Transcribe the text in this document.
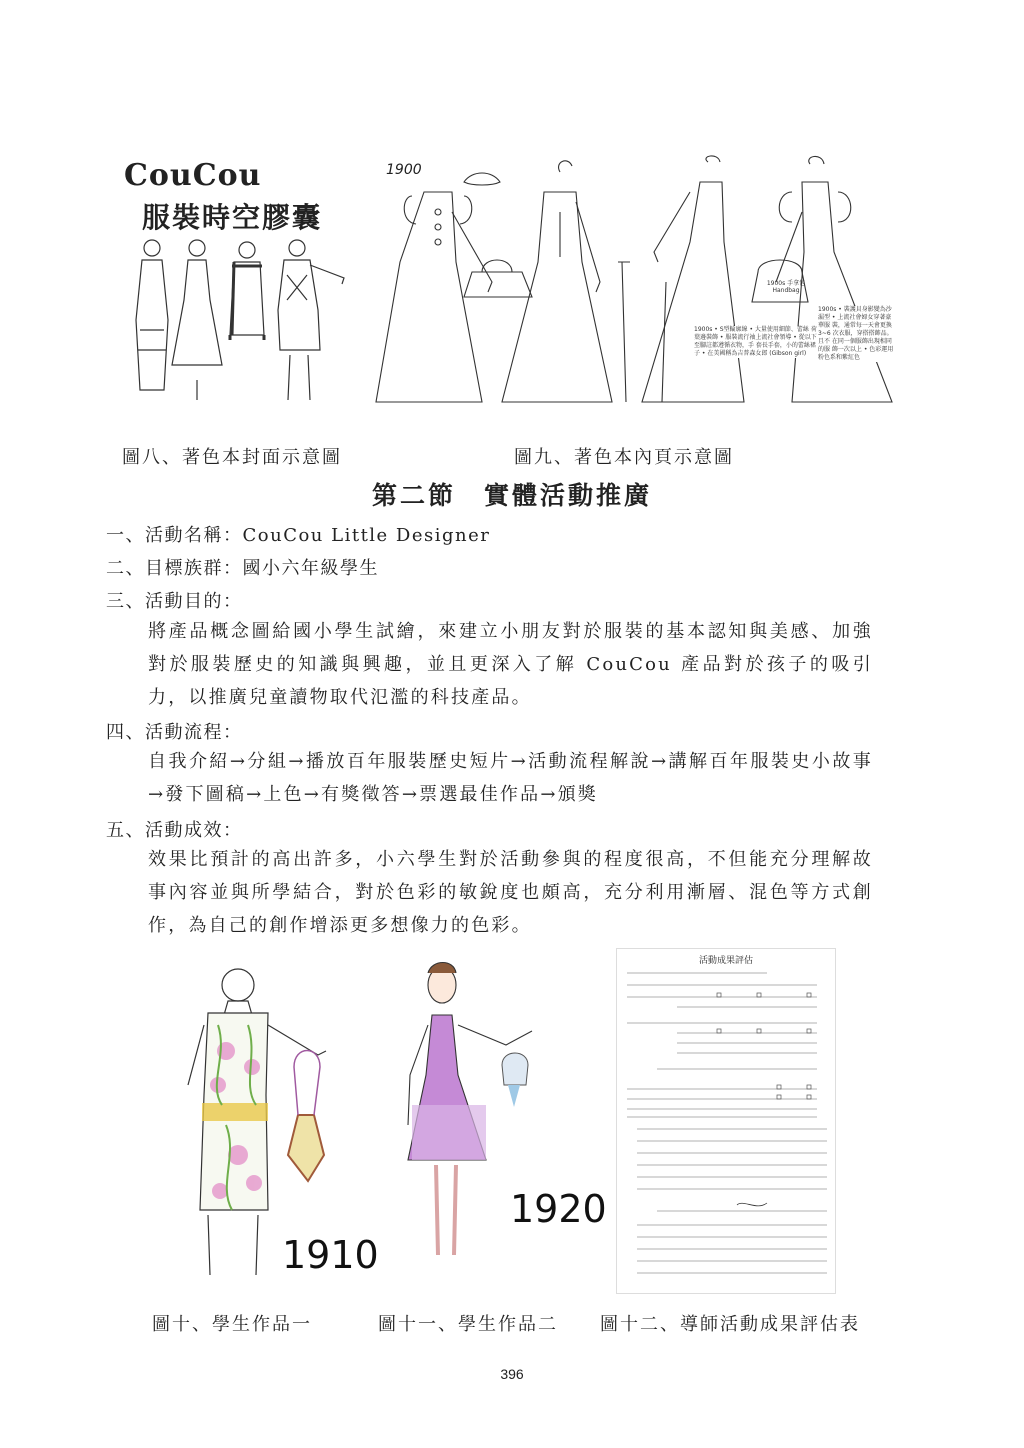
CouCou
服裝時空膠囊
1900
1900s 手拿包 Handbag
1900s • S型輪廓線 • 大量使用細節、蕾絲 荷葉邊裝飾 • 服裝流行袖上流社會領導 • 從以下至腳註都遵循衣物，手 套長手套，小的蕾絲裙子 • 在美國稱為吉普森女郎 (Gibson girl)
1900s • 裝護貝身影變為沙漏型 • 上流社會婦女穿著豪華服 裝，通常每一天會更換3~6 次衣服，穿搭搭飾品。且不 在同一個服飾出現相同的服 飾一次以上 • 色彩運用粉色系和紫紅色
圖八、著色本封面示意圖	圖九、著色本內頁示意圖
第二節 實體活動推廣
一、活動名稱：CouCou Little Designer
二、目標族群：國小六年級學生
三、活動目的：
將產品概念圖給國小學生試繪，來建立小朋友對於服裝的基本認知與美感、加強對於服裝歷史的知識與興趣，並且更深入了解 CouCou 產品對於孩子的吸引力，以推廣兒童讀物取代氾濫的科技產品。
四、活動流程：
自我介紹→分組→播放百年服裝歷史短片→活動流程解說→講解百年服裝史小故事→發下圖稿→上色→有獎徵答→票選最佳作品→頒獎
五、活動成效：
效果比預計的高出許多，小六學生對於活動參與的程度很高，不但能充分理解故事內容並與所學結合，對於色彩的敏銳度也頗高，充分利用漸層、混色等方式創作，為自己的創作增添更多想像力的色彩。
1910
1920
活動成果評估
圖十、學生作品一	圖十一、學生作品二 圖十二、導師活動成果評估表
396
